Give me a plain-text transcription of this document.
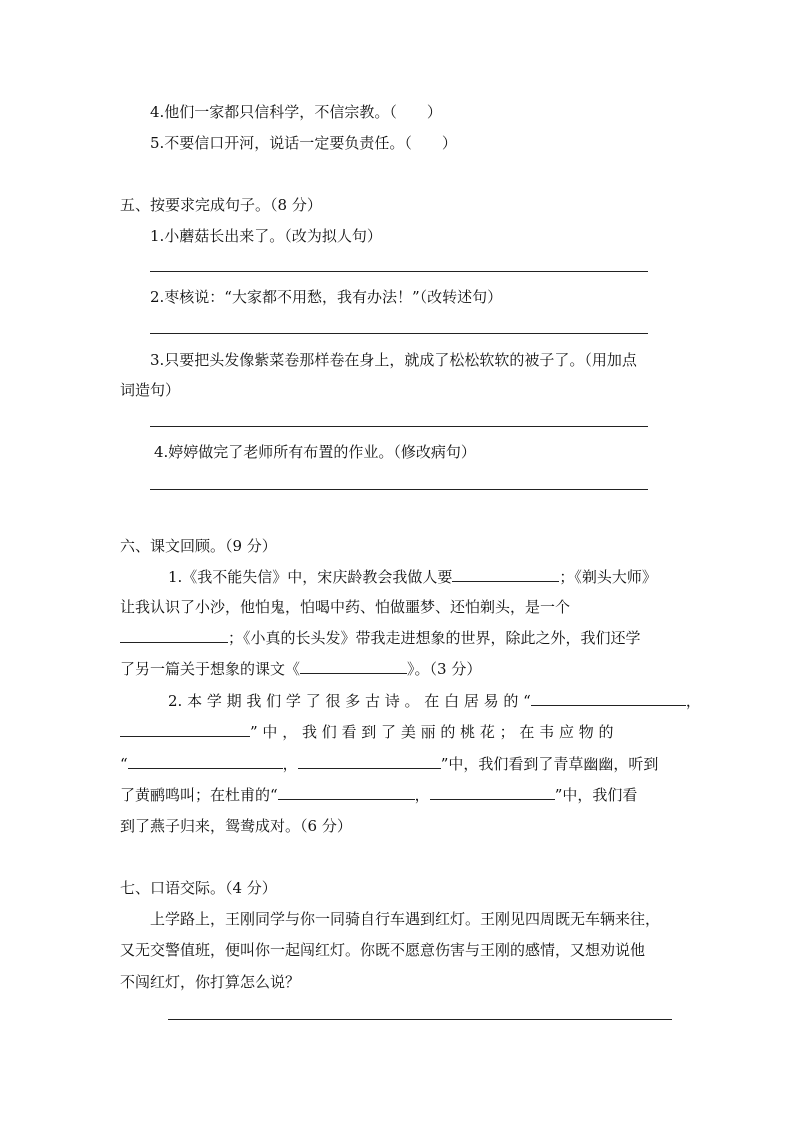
4.他们一家都只信科学，不信宗教。（　　）
5.不要信口开河，说话一定要负责任。（　　）
五、按要求完成句子。（8 分）
1.小蘑菇长出来了。（改为拟人句）
2.枣核说：“大家都不用愁，我有办法！”（改转述句）
3.只要把头发像紫菜卷那样卷在身上，就成了松松软软的被子了。（用加点
词造句）
4.婷婷做完了老师所有布置的作业。（修改病句）
六、课文回顾。（9 分）
1.《我不能失信》中，宋庆龄教会我做人要	；《剃头大师》
让我认识了小沙，他怕鬼，怕喝中药、怕做噩梦、还怕剃头，是一个
；《小真的长头发》带我走进想象的世界，除此之外，我们还学
了另一篇关于想象的课文《	》。（3 分）
2. 本 学 期 我 们 学 了 很 多 古 诗 。 在 白 居 易 的 “	，
” 中 ， 我 们 看 到 了 美 丽 的 桃 花 ； 在 韦 应 物 的
“	，	”中，我们看到了青草幽幽，听到
了黄鹂鸣叫；在杜甫的“	，	”中，我们看
到了燕子归来，鸳鸯成对。（6 分）
七、口语交际。（4 分）
上学路上，王刚同学与你一同骑自行车遇到红灯。王刚见四周既无车辆来往，
又无交警值班，便叫你一起闯红灯。你既不愿意伤害与王刚的感情，又想劝说他
不闯红灯，你打算怎么说？
